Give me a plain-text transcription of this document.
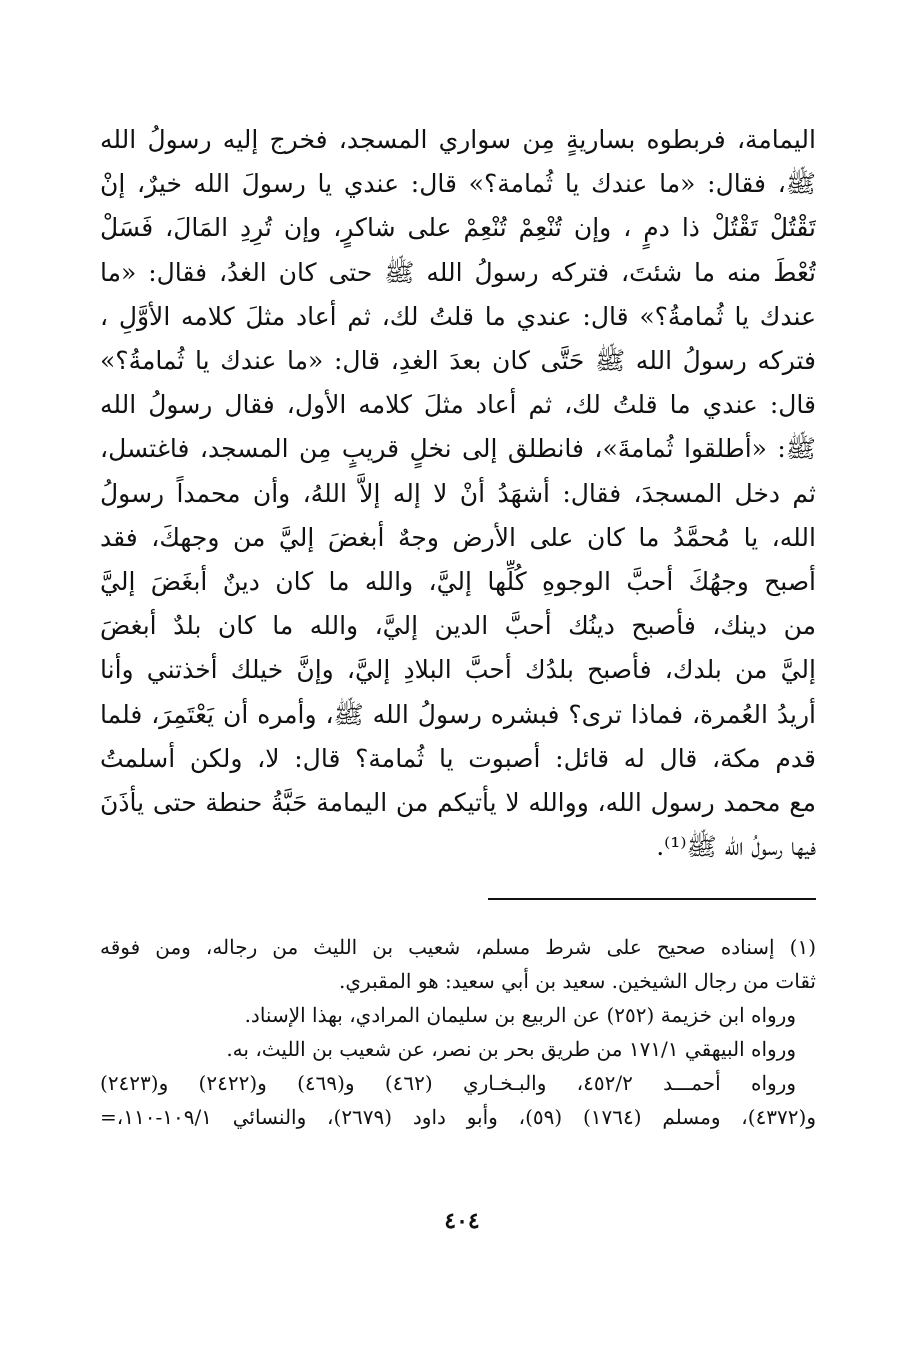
اليمامة، فربطوه بساريةٍ مِن سواري المسجد، فخرج إليه رسولُ الله
ﷺ، فقال: «ما عندك يا ثُمامة؟» قال: عندي يا رسولَ الله خيرٌ، إنْ
تَقْتُلْ تَقْتُلْ ذا دمٍ ، وإن تُنْعِمْ تُنْعِمْ على شاكرٍ، وإن تُرِدِ المَالَ، فَسَلْ
تُعْطَ منه ما شئتَ، فتركه رسولُ الله ﷺ حتى كان الغدُ، فقال: «ما
عندك يا ثُمامةُ؟» قال: عندي ما قلتُ لك، ثم أعاد مثلَ كلامه الأوَّلِ ،
فتركه رسولُ الله ﷺ حَتَّى كان بعدَ الغدِ، قال: «ما عندك يا ثُمامةُ؟»
قال: عندي ما قلتُ لك، ثم أعاد مثلَ كلامه الأول، فقال رسولُ الله
ﷺ: «أطلقوا ثُمامةَ»، فانطلق إلى نخلٍ قريبٍ مِن المسجد، فاغتسل،
ثم دخل المسجدَ، فقال: أشهَدُ أنْ لا إله إلاَّ اللهُ، وأن محمداً رسولُ
الله، يا مُحمَّدُ ما كان على الأرض وجهٌ أبغضَ إليَّ من وجهكَ، فقد
أصبح وجهُكَ أحبَّ الوجوهِ كُلِّها إليَّ، والله ما كان دينٌ أبغَضَ إليَّ
من دينك، فأصبح دينُك أحبَّ الدين إليَّ، والله ما كان بلدٌ أبغضَ
إليَّ من بلدك، فأصبح بلدُك أحبَّ البلادِ إليَّ، وإنَّ خيلك أخذتني وأنا
أريدُ العُمرة، فماذا ترى؟ فبشره رسولُ الله ﷺ، وأمره أن يَعْتَمِرَ، فلما
قدم مكة، قال له قائل: أصبوت يا ثُمامة؟ قال: لا، ولكن أسلمتُ
مع محمد رسول الله، ووالله لا يأتيكم من اليمامة حَبَّةُ حنطة حتى يأذَنَ
فيها رسولُ الله ﷺ⁽¹⁾.
(١) إسناده صحيح على شرط مسلم، شعيب بن الليث من رجاله، ومن فوقه
ثقات من رجال الشيخين. سعيد بن أبي سعيد: هو المقبري.
ورواه ابن خزيمة (٢٥٢) عن الربيع بن سليمان المرادي، بهذا الإسناد.
ورواه البيهقي ١٧١/١ من طريق بحر بن نصر، عن شعيب بن الليث، به.
ورواه أحمـــد ٤٥٢/٢، والبـخـاري (٤٦٢) و(٤٦٩) و(٢٤٢٢) و(٢٤٢٣)
و(٤٣٧٢)، ومسلم (١٧٦٤) (٥٩)، وأبو داود (٢٦٧٩)، والنسائي ١٠٩/١-١١٠،=
٤٠٤
